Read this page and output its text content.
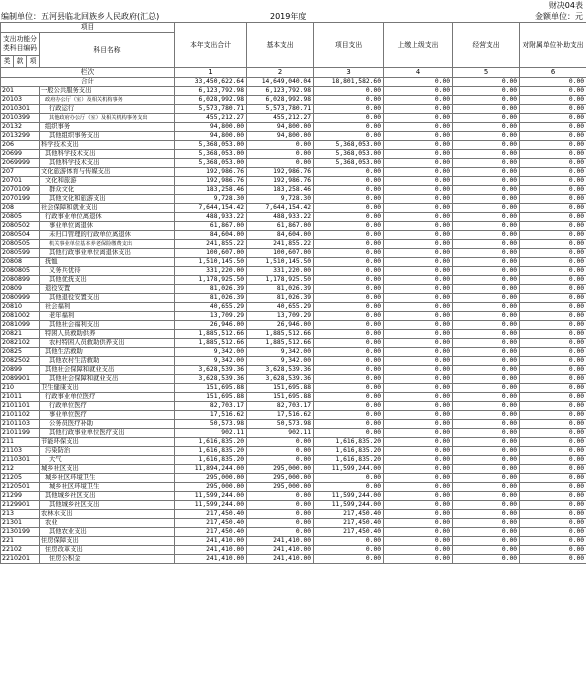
财决04表
编制单位：五河县临北回族乡人民政府(汇总)	2019年度	金额单位：元
项目				本年支出合计	基本支出	项目支出	上缴上级支出	经营支出	对附属单位补助支出
支出功能分类科目编码			科目名称						

类	款	项							
栏次				1	2	3	4	5	6
合计				33,450,622.64	14,649,040.04	18,801,582.60	0.00	0.00	0.00
201			一般公共服务支出	6,123,792.98	6,123,792.98	0.00	0.00	0.00	0.00
20103			政府办公厅（室）及相关机构事务	6,028,992.98	6,028,992.98	0.00	0.00	0.00	0.00
2010301			行政运行	5,573,780.71	5,573,780.71	0.00	0.00	0.00	0.00
2010399			其他政府办公厅（室）及相关机构事务支出	455,212.27	455,212.27	0.00	0.00	0.00	0.00
20132			组织事务	94,800.00	94,800.00	0.00	0.00	0.00	0.00
2013299			其他组织事务支出	94,800.00	94,800.00	0.00	0.00	0.00	0.00
206			科学技术支出	5,368,053.00	0.00	5,368,053.00	0.00	0.00	0.00
20699			其他科学技术支出	5,368,053.00	0.00	5,368,053.00	0.00	0.00	0.00
2069999			其他科学技术支出	5,368,053.00	0.00	5,368,053.00	0.00	0.00	0.00
207			文化旅游体育与传媒支出	192,986.76	192,986.76	0.00	0.00	0.00	0.00
20701			文化和旅游	192,986.76	192,986.76	0.00	0.00	0.00	0.00
2070109			群众文化	183,258.46	183,258.46	0.00	0.00	0.00	0.00
2070199			其他文化和旅游支出	9,728.30	9,728.30	0.00	0.00	0.00	0.00
208			社会保障和就业支出	7,644,154.42	7,644,154.42	0.00	0.00	0.00	0.00
20805			行政事业单位离退休	488,933.22	488,933.22	0.00	0.00	0.00	0.00
2080502			事业单位离退休	61,867.00	61,867.00	0.00	0.00	0.00	0.00
2080504			未归口管理的行政单位离退休	84,604.00	84,604.00	0.00	0.00	0.00	0.00
2080505			机关事业单位基本养老保险缴费支出	241,855.22	241,855.22	0.00	0.00	0.00	0.00
2080599			其他行政事业单位离退休支出	100,607.00	100,607.00	0.00	0.00	0.00	0.00
20808			抚恤	1,510,145.50	1,510,145.50	0.00	0.00	0.00	0.00
2080805			义务兵优待	331,220.00	331,220.00	0.00	0.00	0.00	0.00
2080899			其他优抚支出	1,178,925.50	1,178,925.50	0.00	0.00	0.00	0.00
20809			退役安置	81,026.39	81,026.39	0.00	0.00	0.00	0.00
2080999			其他退役安置支出	81,026.39	81,026.39	0.00	0.00	0.00	0.00
20810			社会福利	40,655.29	40,655.29	0.00	0.00	0.00	0.00
2081002			老年福利	13,709.29	13,709.29	0.00	0.00	0.00	0.00
2081099			其他社会福利支出	26,946.00	26,946.00	0.00	0.00	0.00	0.00
20821			特困人员救助供养	1,885,512.66	1,885,512.66	0.00	0.00	0.00	0.00
2082102			农村特困人员救助供养支出	1,885,512.66	1,885,512.66	0.00	0.00	0.00	0.00
20825			其他生活救助	9,342.00	9,342.00	0.00	0.00	0.00	0.00
2082502			其他农村生活救助	9,342.00	9,342.00	0.00	0.00	0.00	0.00
20899			其他社会保障和就业支出	3,628,539.36	3,628,539.36	0.00	0.00	0.00	0.00
2089901			其他社会保障和就业支出	3,628,539.36	3,628,539.36	0.00	0.00	0.00	0.00
210			卫生健康支出	151,695.88	151,695.88	0.00	0.00	0.00	0.00
21011			行政事业单位医疗	151,695.88	151,695.88	0.00	0.00	0.00	0.00
2101101			行政单位医疗	82,703.17	82,703.17	0.00	0.00	0.00	0.00
2101102			事业单位医疗	17,516.62	17,516.62	0.00	0.00	0.00	0.00
2101103			公务员医疗补助	50,573.98	50,573.98	0.00	0.00	0.00	0.00
2101199			其他行政事业单位医疗支出	902.11	902.11	0.00	0.00	0.00	0.00
211			节能环保支出	1,616,835.20	0.00	1,616,835.20	0.00	0.00	0.00
21103			污染防治	1,616,835.20	0.00	1,616,835.20	0.00	0.00	0.00
2110301			大气	1,616,835.20	0.00	1,616,835.20	0.00	0.00	0.00
212			城乡社区支出	11,894,244.00	295,000.00	11,599,244.00	0.00	0.00	0.00
21205			城乡社区环境卫生	295,000.00	295,000.00	0.00	0.00	0.00	0.00
2120501			城乡社区环境卫生	295,000.00	295,000.00	0.00	0.00	0.00	0.00
21299			其他城乡社区支出	11,599,244.00	0.00	11,599,244.00	0.00	0.00	0.00
2129901			其他城乡社区支出	11,599,244.00	0.00	11,599,244.00	0.00	0.00	0.00
213			农林水支出	217,450.40	0.00	217,450.40	0.00	0.00	0.00
21301			农业	217,450.40	0.00	217,450.40	0.00	0.00	0.00
2130199			其他农业支出	217,450.40	0.00	217,450.40	0.00	0.00	0.00
221			住房保障支出	241,410.00	241,410.00	0.00	0.00	0.00	0.00
22102			住房改革支出	241,410.00	241,410.00	0.00	0.00	0.00	0.00
2210201			住房公积金	241,410.00	241,410.00	0.00	0.00	0.00	0.00
